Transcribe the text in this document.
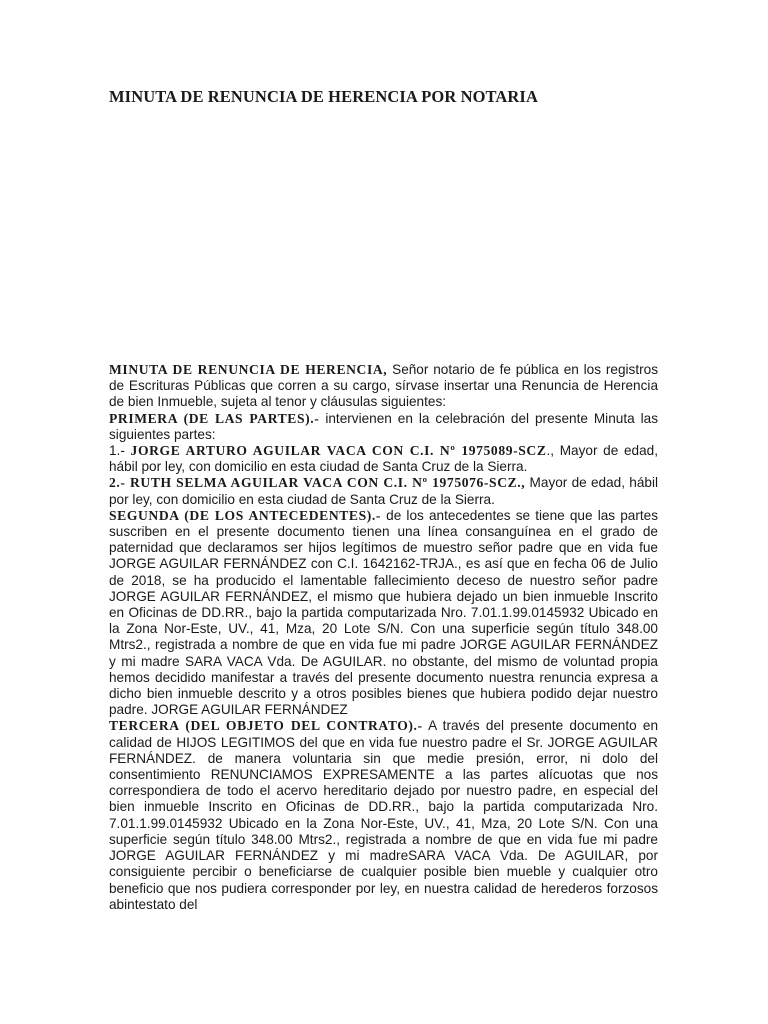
MINUTA DE RENUNCIA DE HERENCIA POR NOTARIA

MINUTA DE RENUNCIA DE HERENCIA, Señor notario de fe pública en los registros de Escrituras Públicas que corren a su cargo, sírvase insertar una Renuncia de Herencia de bien Inmueble, sujeta al tenor y cláusulas siguientes:

PRIMERA (DE LAS PARTES).- intervienen en la celebración del presente Minuta las siguientes partes:

1.- JORGE ARTURO AGUILAR VACA CON C.I. Nº 1975089-SCZ., Mayor de edad, hábil por ley, con domicilio en esta ciudad de Santa Cruz de la Sierra.

2.- RUTH SELMA AGUILAR VACA CON C.I. Nº 1975076-SCZ., Mayor de edad, hábil por ley, con domicilio en esta ciudad de Santa Cruz de la Sierra.

SEGUNDA (DE LOS ANTECEDENTES).- de los antecedentes se tiene que las partes suscriben en el presente documento tienen una línea consanguínea en el grado de paternidad que declaramos ser hijos legítimos de muestro señor padre que en vida fue JORGE AGUILAR FERNÁNDEZ con C.I. 1642162-TRJA., es así que en fecha 06 de Julio de 2018, se ha producido el lamentable fallecimiento deceso de nuestro señor padre JORGE AGUILAR FERNÁNDEZ, el mismo que hubiera dejado un bien inmueble Inscrito en Oficinas de DD.RR., bajo la partida computarizada Nro. 7.01.1.99.0145932 Ubicado en la Zona Nor-Este, UV., 41, Mza, 20 Lote S/N. Con una superficie según título 348.00 Mtrs2., registrada a nombre de que en vida fue mi padre JORGE AGUILAR FERNÁNDEZ y mi madre SARA VACA Vda. De AGUILAR. no obstante, del mismo de voluntad propia hemos decidido manifestar a través del presente documento nuestra renuncia expresa a dicho bien inmueble descrito y a otros posibles bienes que hubiera podido dejar nuestro padre. JORGE AGUILAR FERNÁNDEZ

TERCERA (DEL OBJETO DEL CONTRATO).- A través del presente documento en calidad de HIJOS LEGITIMOS del que en vida fue nuestro padre el Sr. JORGE AGUILAR FERNÁNDEZ. de manera voluntaria sin que medie presión, error, ni dolo del consentimiento RENUNCIAMOS EXPRESAMENTE a las partes alícuotas que nos correspondiera de todo el acervo hereditario dejado por nuestro padre, en especial del bien inmueble Inscrito en Oficinas de DD.RR., bajo la partida computarizada Nro. 7.01.1.99.0145932 Ubicado en la Zona Nor-Este, UV., 41, Mza, 20 Lote S/N. Con una superficie según título 348.00 Mtrs2., registrada a nombre de que en vida fue mi padre JORGE AGUILAR FERNÁNDEZ y mi madreSARA VACA Vda. De AGUILAR, por consiguiente percibir o beneficiarse de cualquier posible bien mueble y cualquier otro beneficio que nos pudiera corresponder por ley, en nuestra calidad de herederos forzosos abintestato del
